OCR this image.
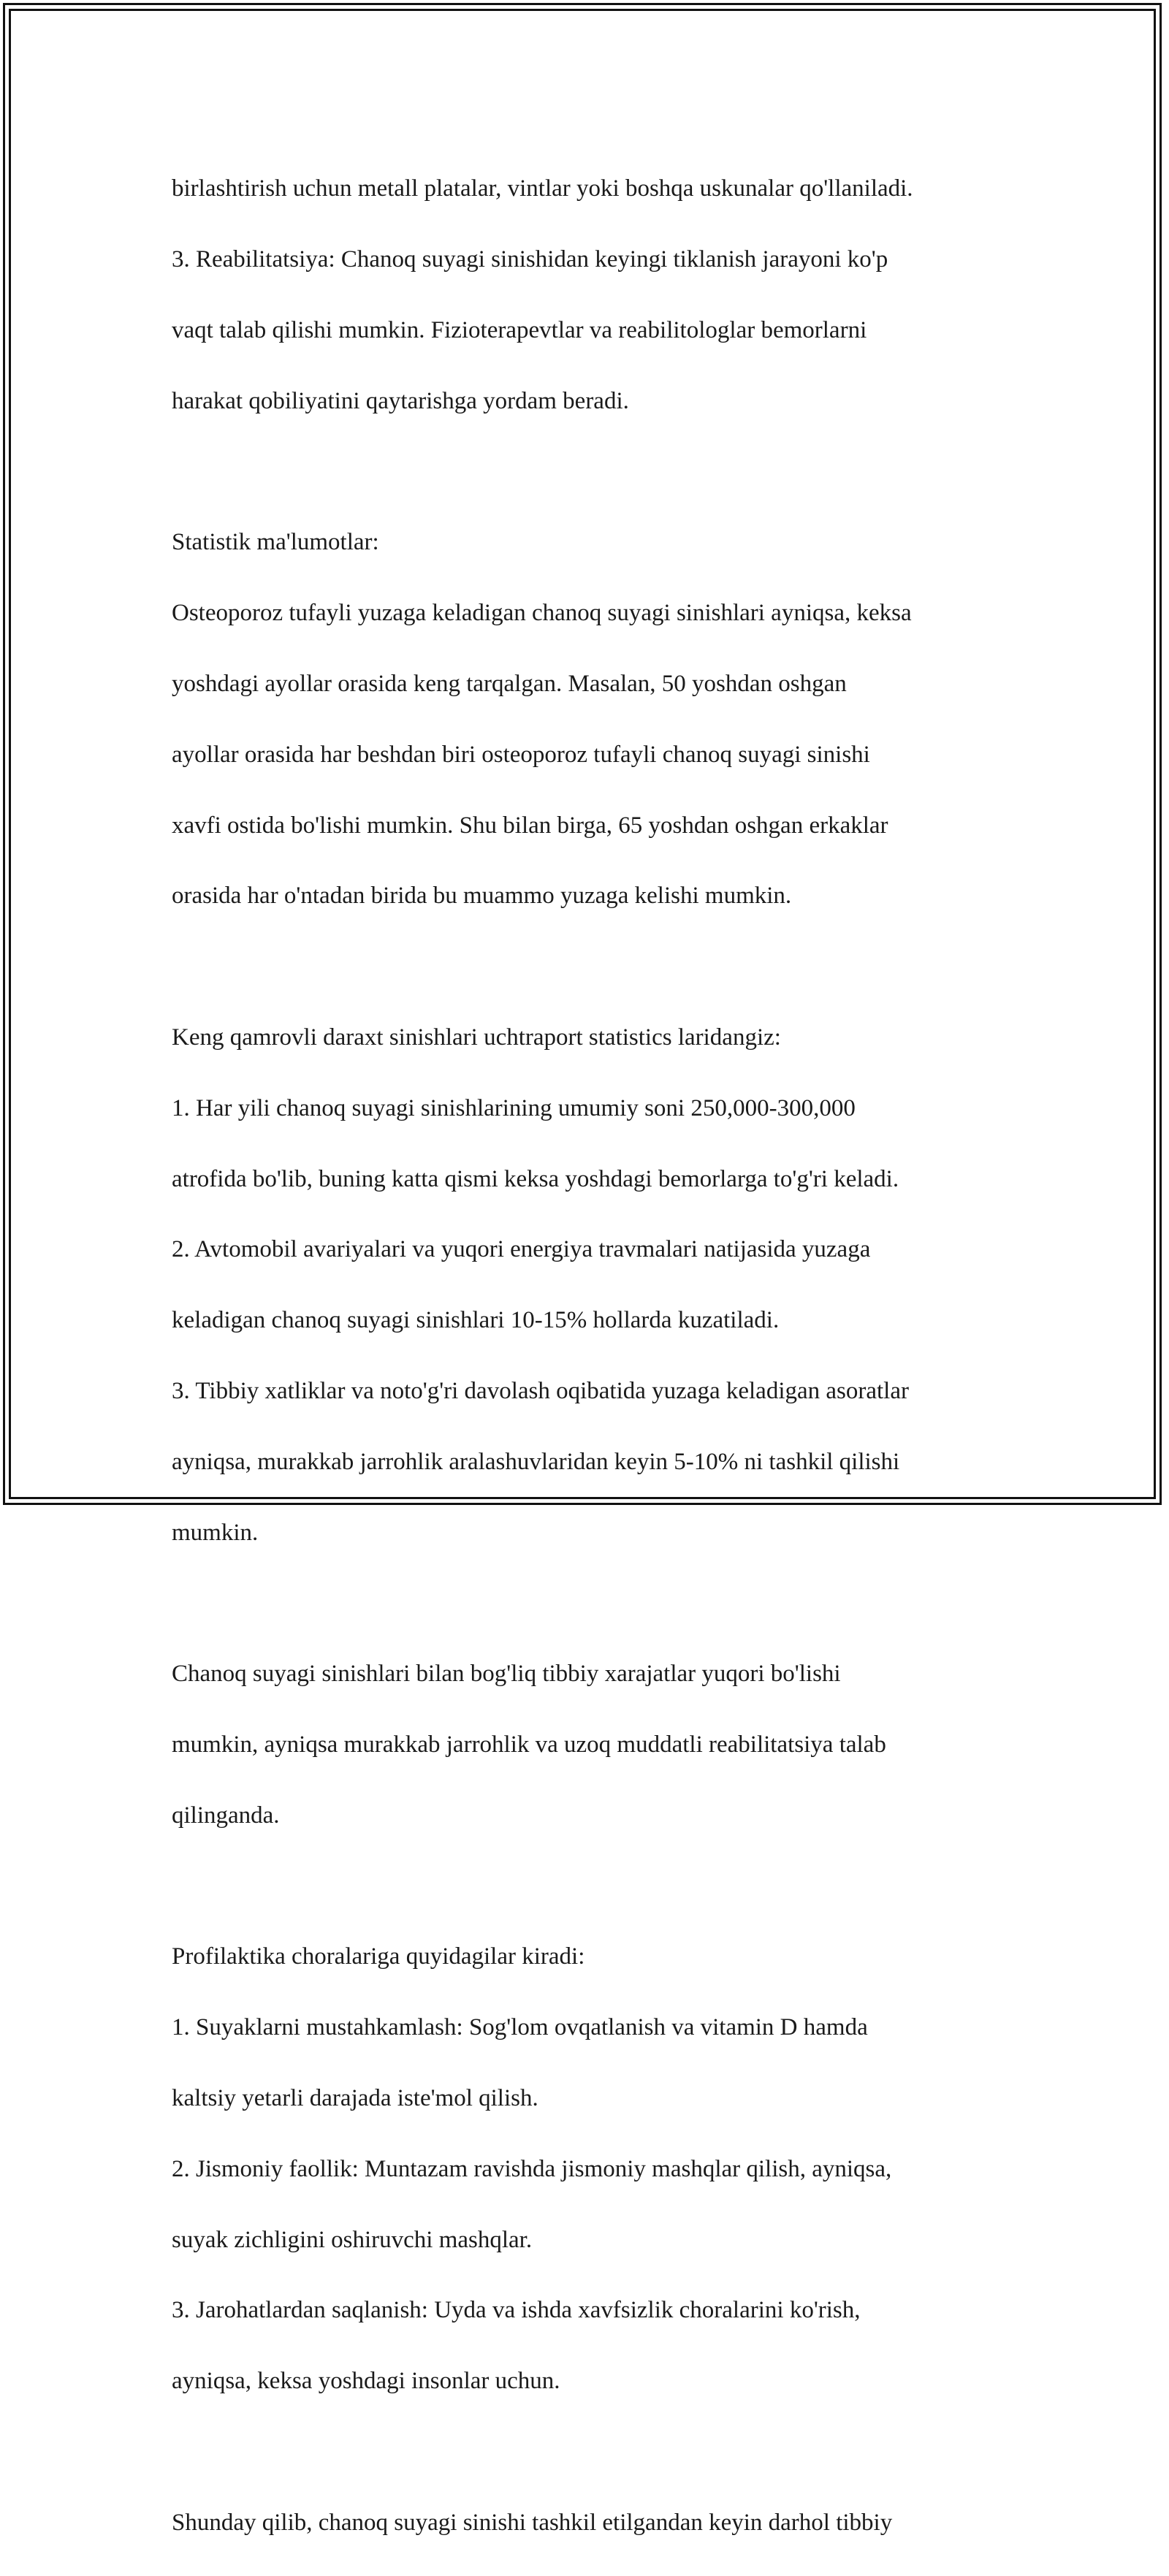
birlashtirish uchun metall platalar, vintlar yoki boshqa uskunalar qo'llaniladi.

3. Reabilitatsiya: Chanoq suyagi sinishidan keyingi tiklanish jarayoni ko'p

vaqt talab qilishi mumkin. Fizioterapevtlar va reabilitologlar bemorlarni

harakat qobiliyatini qaytarishga yordam beradi.

Statistik ma'lumotlar:

Osteoporoz tufayli yuzaga keladigan chanoq suyagi sinishlari ayniqsa, keksa

yoshdagi ayollar orasida keng tarqalgan. Masalan, 50 yoshdan oshgan

ayollar orasida har beshdan biri osteoporoz tufayli chanoq suyagi sinishi

xavfi ostida bo'lishi mumkin. Shu bilan birga, 65 yoshdan oshgan erkaklar

orasida har o'ntadan birida bu muammo yuzaga kelishi mumkin.

Keng qamrovli daraxt sinishlari uchtraport statistics laridangiz:

1. Har yili chanoq suyagi sinishlarining umumiy soni 250,000-300,000

atrofida bo'lib, buning katta qismi keksa yoshdagi bemorlarga to'g'ri keladi.

2. Avtomobil avariyalari va yuqori energiya travmalari natijasida yuzaga

keladigan chanoq suyagi sinishlari 10-15% hollarda kuzatiladi.

3. Tibbiy xatliklar va noto'g'ri davolash oqibatida yuzaga keladigan asoratlar

ayniqsa, murakkab jarrohlik aralashuvlaridan keyin 5-10% ni tashkil qilishi

mumkin.

Chanoq suyagi sinishlari bilan bog'liq tibbiy xarajatlar yuqori bo'lishi

mumkin, ayniqsa murakkab jarrohlik va uzoq muddatli reabilitatsiya talab

qilinganda.

Profilaktika choralariga quyidagilar kiradi:

1. Suyaklarni mustahkamlash: Sog'lom ovqatlanish va vitamin D hamda

kaltsiy yetarli darajada iste'mol qilish.

2. Jismoniy faollik: Muntazam ravishda jismoniy mashqlar qilish, ayniqsa,

suyak zichligini oshiruvchi mashqlar.

3. Jarohatlardan saqlanish: Uyda va ishda xavfsizlik choralarini ko'rish,

ayniqsa, keksa yoshdagi insonlar uchun.

Shunday qilib, chanoq suyagi sinishi tashkil etilgandan keyin darhol tibbiy
